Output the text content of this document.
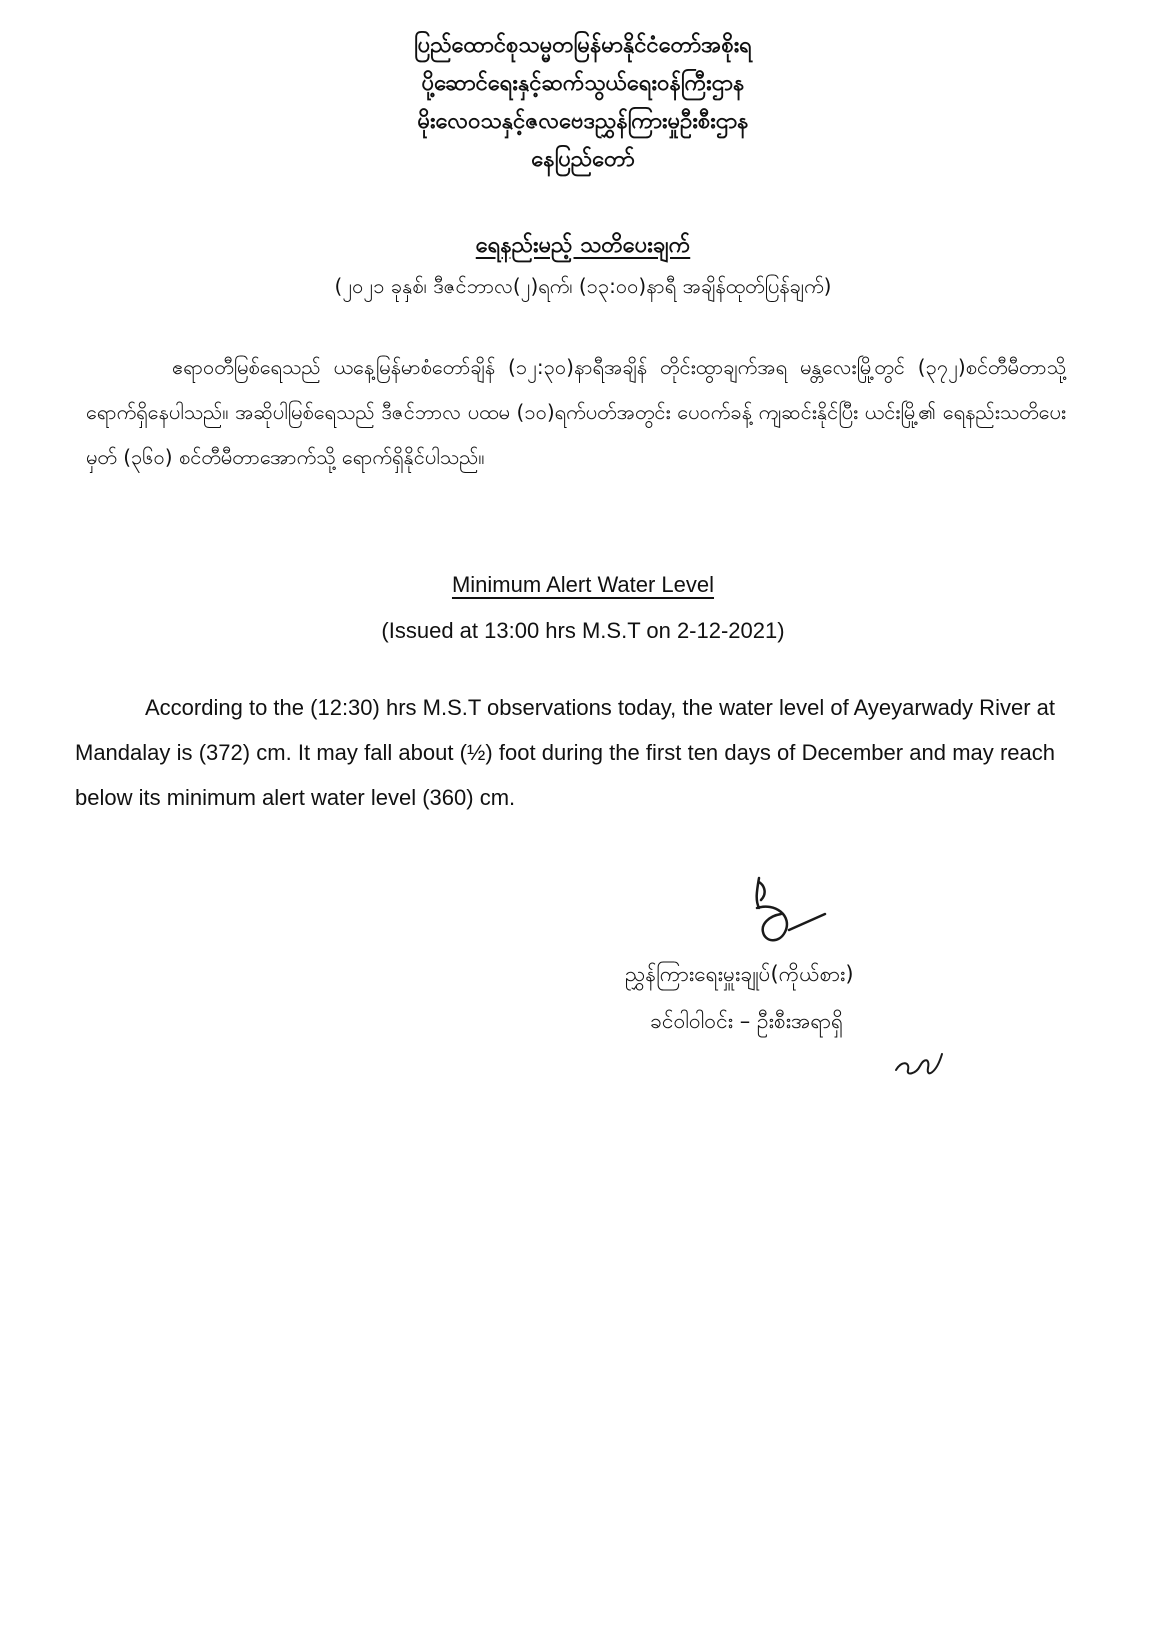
ပြည်ထောင်စုသမ္မတမြန်မာနိုင်ငံတော်အစိုးရ
ပို့ဆောင်ရေးနှင့်ဆက်သွယ်ရေးဝန်ကြီးဌာန
မိုးလေဝသနှင့်ဇလဗေဒညွှန်ကြားမှုဦးစီးဌာန
နေပြည်တော်
ရေနည်းမည့် သတိပေးချက်
(၂၀၂၁ ခုနှစ်၊ ဒီဇင်ဘာလ(၂)ရက်၊ (၁၃:၀၀)နာရီ အချိန်ထုတ်ပြန်ချက်)
ဧရာဝတီမြစ်ရေသည် ယနေ့မြန်မာစံတော်ချိန် (၁၂:၃၀)နာရီအချိန် တိုင်းထွာချက်အရ မန္တလေးမြို့တွင် (၃၇၂)စင်တီမီတာသို့ ရောက်ရှိနေပါသည်။ အဆိုပါမြစ်ရေသည် ဒီဇင်ဘာလ ပထမ (၁၀)ရက်ပတ်အတွင်း ပေဝက်ခန့် ကျဆင်းနိုင်ပြီး ယင်းမြို့၏ ရေနည်းသတိပေးမှတ် (၃၆၀) စင်တီမီတာအောက်သို့ ရောက်ရှိနိုင်ပါသည်။
Minimum Alert Water Level
(Issued at 13:00 hrs M.S.T on 2-12-2021)
According to the (12:30) hrs M.S.T observations today, the water level of Ayeyarwady River at Mandalay is (372) cm. It may fall about (½) foot during the first ten days of December and may reach below its minimum alert water level (360) cm.
ညွှန်ကြားရေးမှူးချုပ်(ကိုယ်စား)
ခင်ဝါဝါဝင်း – ဦးစီးအရာရှိ
